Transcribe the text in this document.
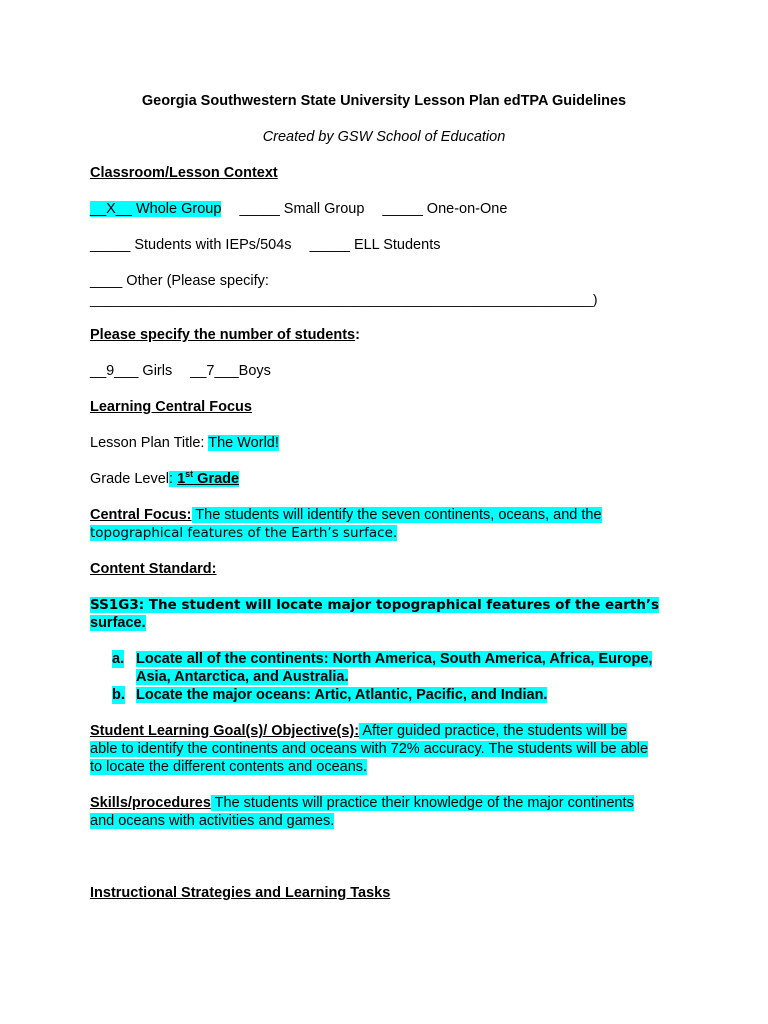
Georgia Southwestern State University Lesson Plan edTPA Guidelines
Created by GSW School of Education
Classroom/Lesson Context
__X__ Whole Group _____ Small Group _____ One-on-One
_____ Students with IEPs/504s _____ ELL Students
____ Other (Please specify:
_________________________________________________________________)
Please specify the number of students:
__9___ Girls __7___Boys
Learning Central Focus
Lesson Plan Title: The World!
Grade Level: 1st Grade
Central Focus: The students will identify the seven continents, oceans, and the
topographical features of the Earth’s surface.
Content Standard:
SS1G3: The student will locate major topographical features of the earth’s
surface.
a. Locate all of the continents: North America, South America, Africa, Europe, Asia, Antarctica, and Australia.
b. Locate the major oceans: Artic, Atlantic, Pacific, and Indian.
Student Learning Goal(s)/ Objective(s): After guided practice, the students will be
able to identify the continents and oceans with 72% accuracy. The students will be able
to locate the different contents and oceans.
Skills/procedures The students will practice their knowledge of the major continents
and oceans with activities and games.
Instructional Strategies and Learning Tasks
